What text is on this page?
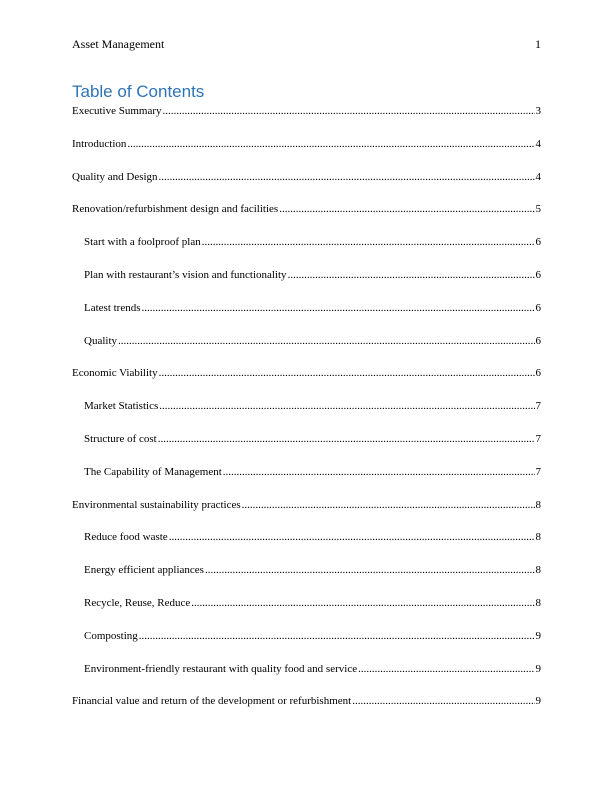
Asset Management	1
Table of Contents
Executive Summary .....	3
Introduction .....	4
Quality and Design .....	4
Renovation/refurbishment design and facilities .....	5
Start with a foolproof plan .....	6
Plan with restaurant’s vision and functionality .....	6
Latest trends .....	6
Quality .....	6
Economic Viability .....	6
Market Statistics .....	7
Structure of cost .....	7
The Capability of Management .....	7
Environmental sustainability practices .....	8
Reduce food waste .....	8
Energy efficient appliances .....	8
Recycle, Reuse, Reduce .....	8
Composting .....	9
Environment-friendly restaurant with quality food and service .....	9
Financial value and return of the development or refurbishment .....	9
